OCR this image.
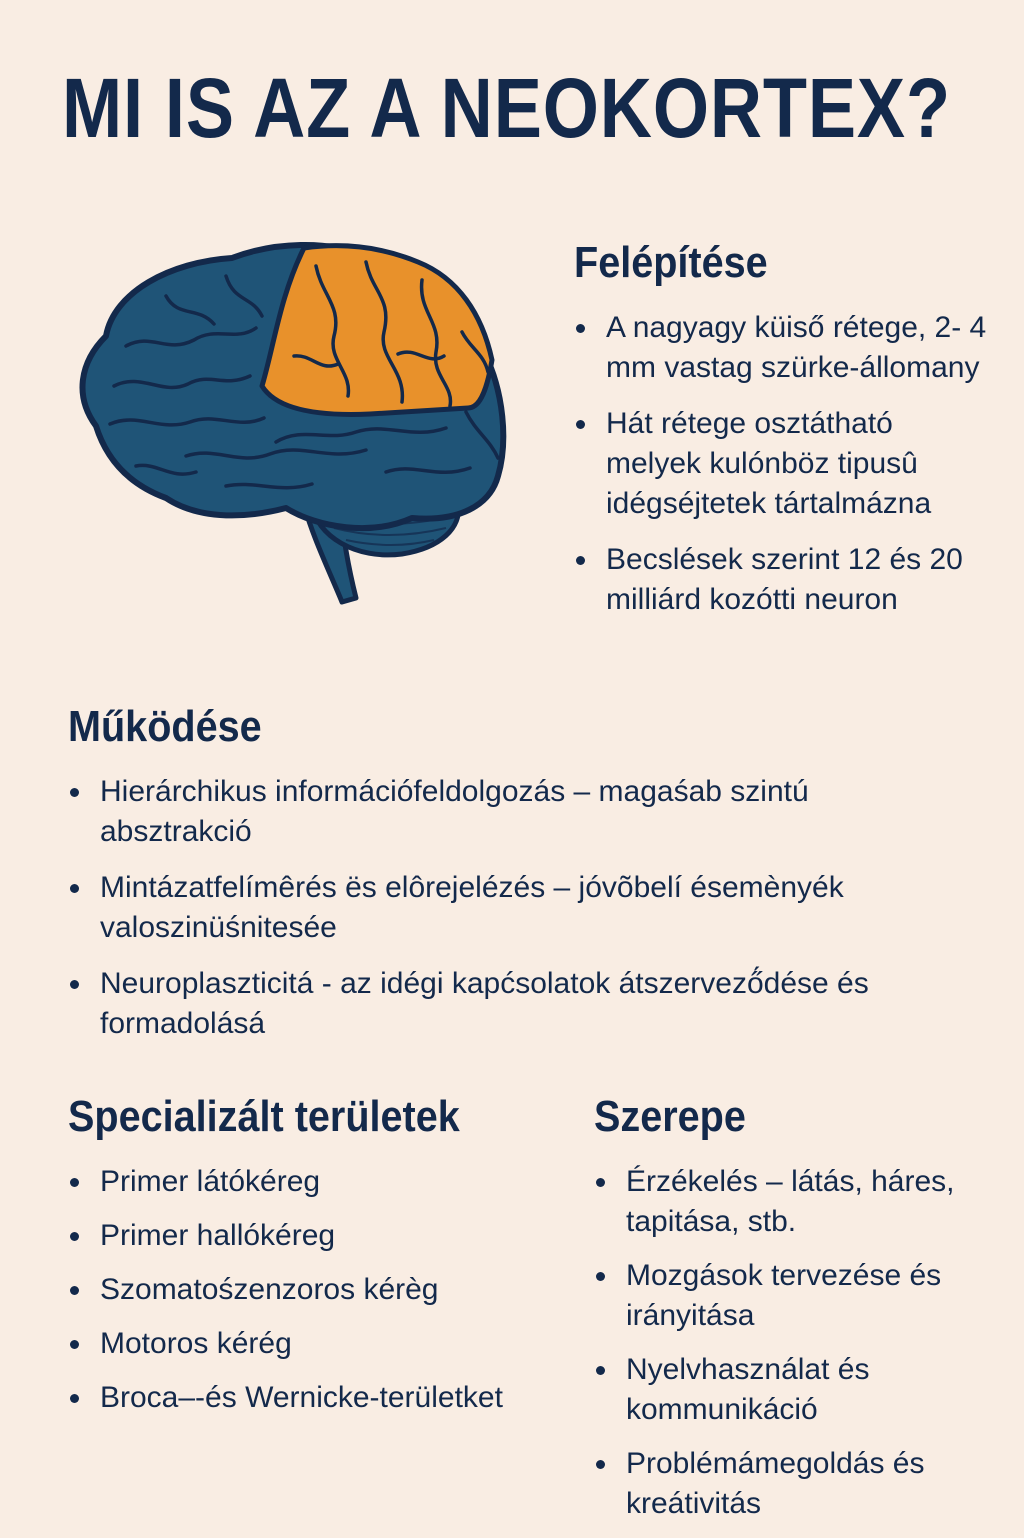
MI IS AZ A NEOKORTEX?
Felépítése
A nagyagy küiső rétege, 2- 4 mm vastag szürke-állomany
Hát rétege osztátható melyek kulónböz tipusû idégséjtetek tártalmázna
Becslések szerint 12 és 20 milliárd kozótti neuron
Működése
Hierárchikus információfeldolgozás – magaśab szintú absztrakció
Mintázatfelímêrés ës elôrejelézés – jóvõbelí ésemènyék valoszinüśnitesée
Neuroplaszticitá - az idégi kapćsolatok átszervező́dése és formadolásá
Specializált területek
Primer látókéreg
Primer hallókéreg
Szomatośzenzoros kérèg
Motoros kérég
Broca–-és Wernicke-területket
Szerepe
Érzékelés – látás, háres, tapitása, stb.
Mozgások tervezése és irányitása
Nyelvhasználat és kommunikáció
Problémámegoldás és kreátivitás
